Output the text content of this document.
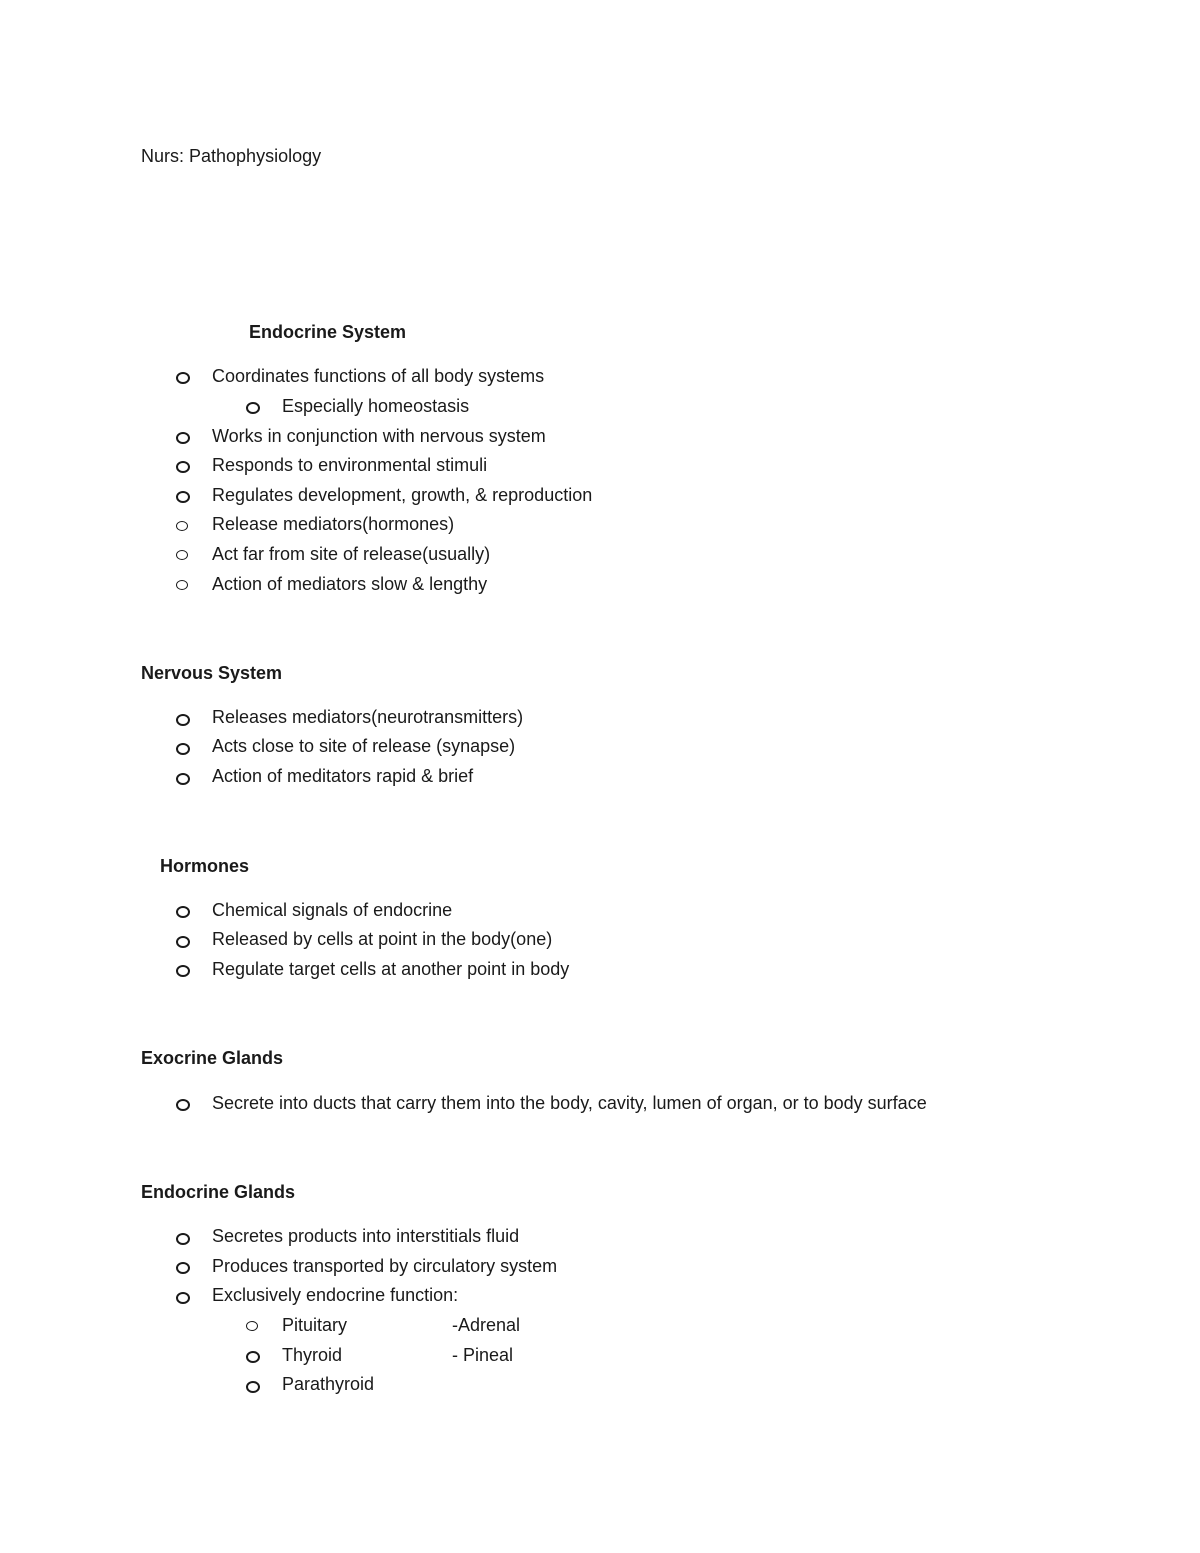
Nurs: Pathophysiology
Endocrine System
Coordinates functions of all body systems
Especially homeostasis
Works in conjunction with nervous system
Responds to environmental stimuli
Regulates development, growth, & reproduction
Release mediators(hormones)
Act far from site of release(usually)
Action of mediators slow & lengthy
Nervous System
Releases mediators(neurotransmitters)
Acts close to site of release (synapse)
Action of meditators rapid & brief
Hormones
Chemical signals of endocrine
Released by cells at point in the body(one)
Regulate target cells at another point in body
Exocrine Glands
Secrete into ducts that carry them into the body, cavity, lumen of organ, or to body surface
Endocrine Glands
Secretes products into interstitials fluid
Produces transported by circulatory system
Exclusively endocrine function:
Pituitary	-Adrenal
Thyroid	- Pineal
Parathyroid
